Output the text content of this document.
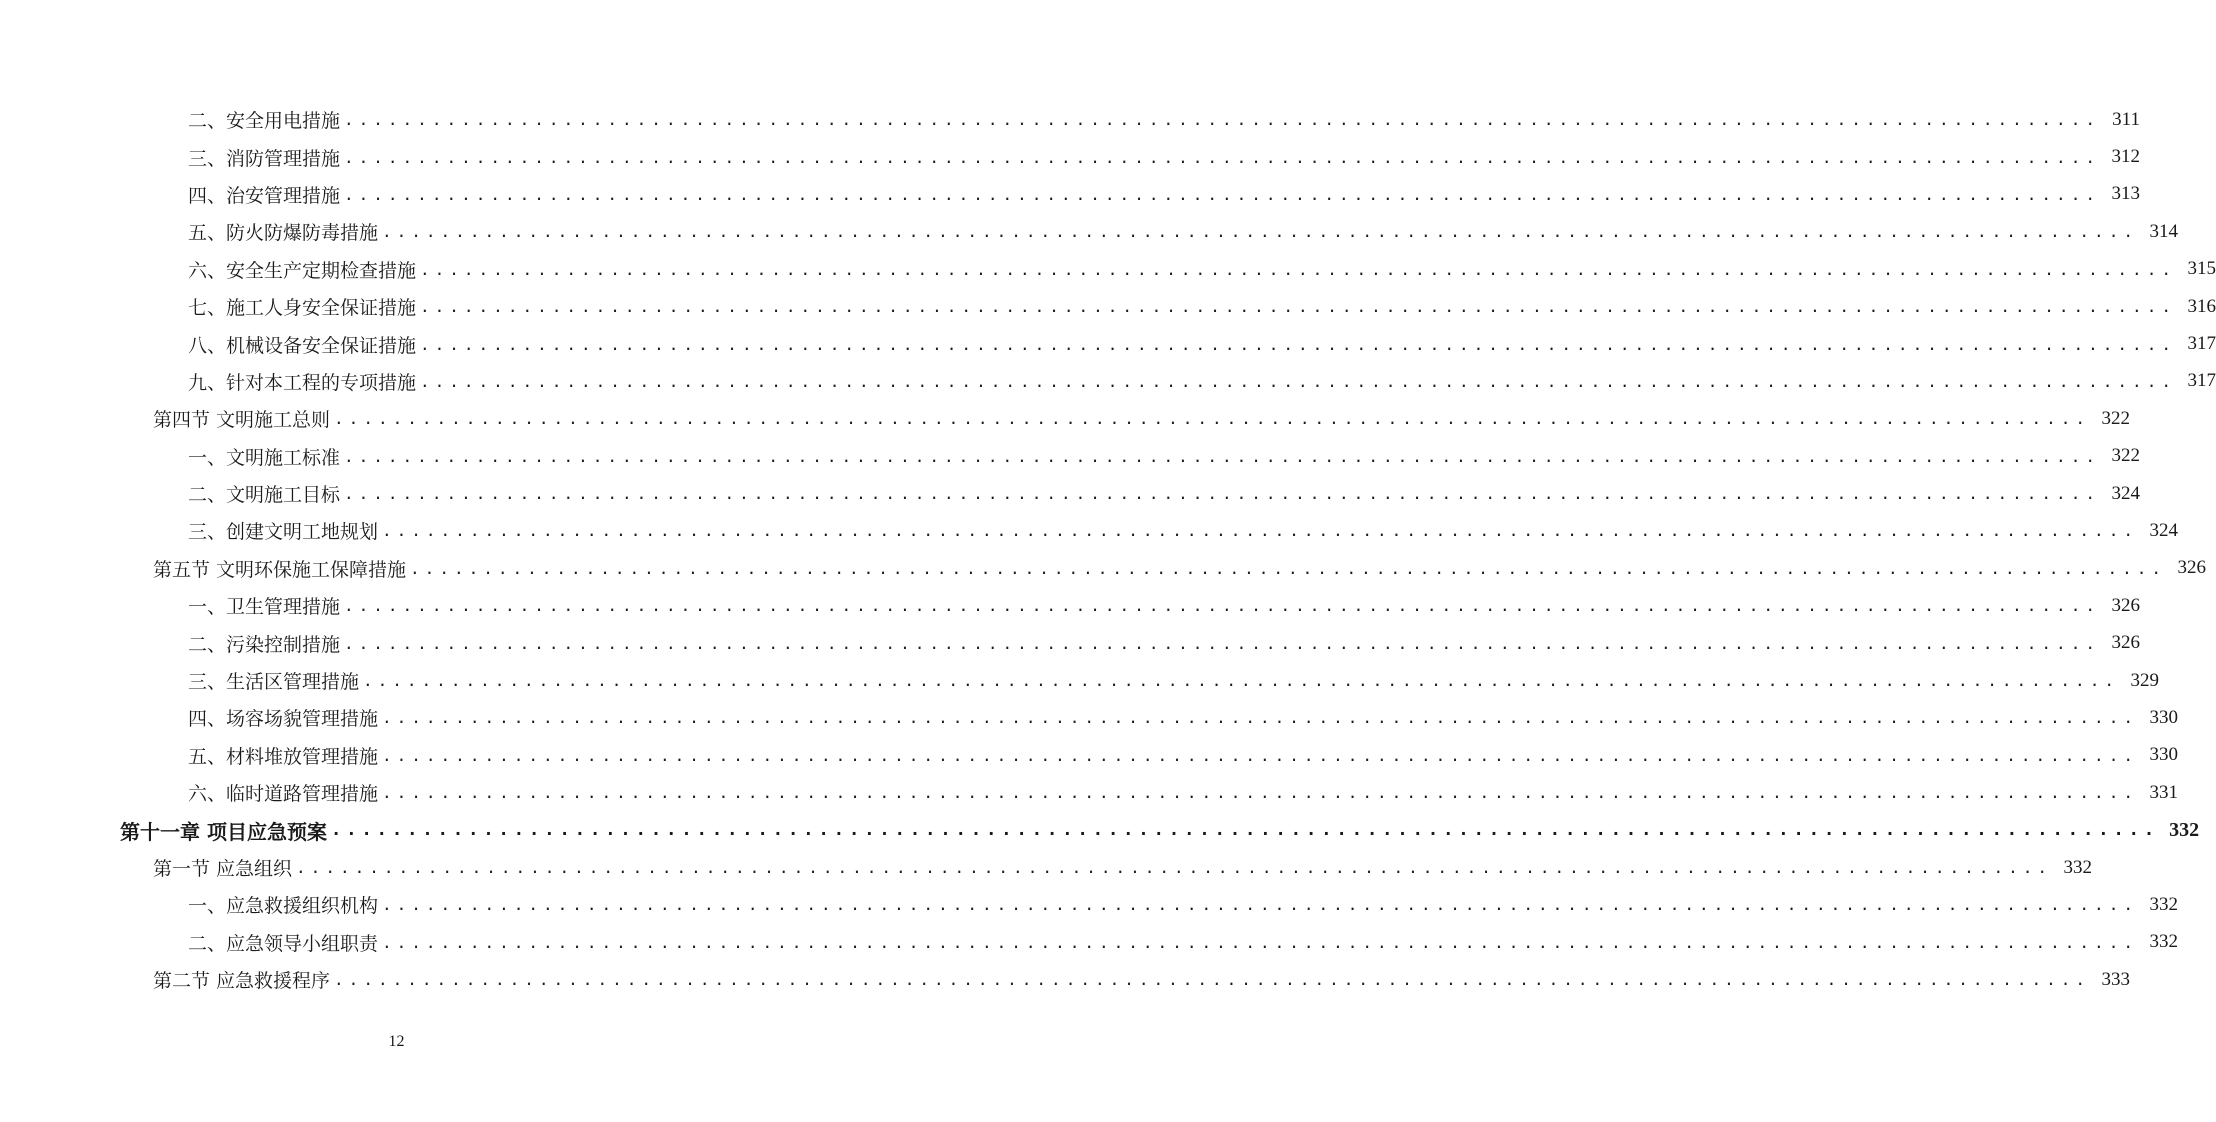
二、安全用电措施 ........................................................................................................................ 311
三、消防管理措施 ........................................................................................................................ 312
四、治安管理措施 ........................................................................................................................ 313
五、防火防爆防毒措施 ........................................................................................................................ 314
六、安全生产定期检查措施 ........................................................................................................................ 315
七、施工人身安全保证措施 ........................................................................................................................ 316
八、机械设备安全保证措施 ........................................................................................................................ 317
九、针对本工程的专项措施 ........................................................................................................................ 317
第四节 文明施工总则 ........................................................................................................................ 322
一、文明施工标准 ........................................................................................................................ 322
二、文明施工目标 ........................................................................................................................ 324
三、创建文明工地规划 ........................................................................................................................ 324
第五节 文明环保施工保障措施 ........................................................................................................................ 326
一、卫生管理措施 ........................................................................................................................ 326
二、污染控制措施 ........................................................................................................................ 326
三、生活区管理措施 ........................................................................................................................ 329
四、场容场貌管理措施 ........................................................................................................................ 330
五、材料堆放管理措施 ........................................................................................................................ 330
六、临时道路管理措施 ........................................................................................................................ 331
第十一章 项目应急预案 ........................................................................................................................ 332
第一节 应急组织 ........................................................................................................................ 332
一、应急救援组织机构 ........................................................................................................................ 332
二、应急领导小组职责 ........................................................................................................................ 332
第二节 应急救援程序 ........................................................................................................................ 333
12
